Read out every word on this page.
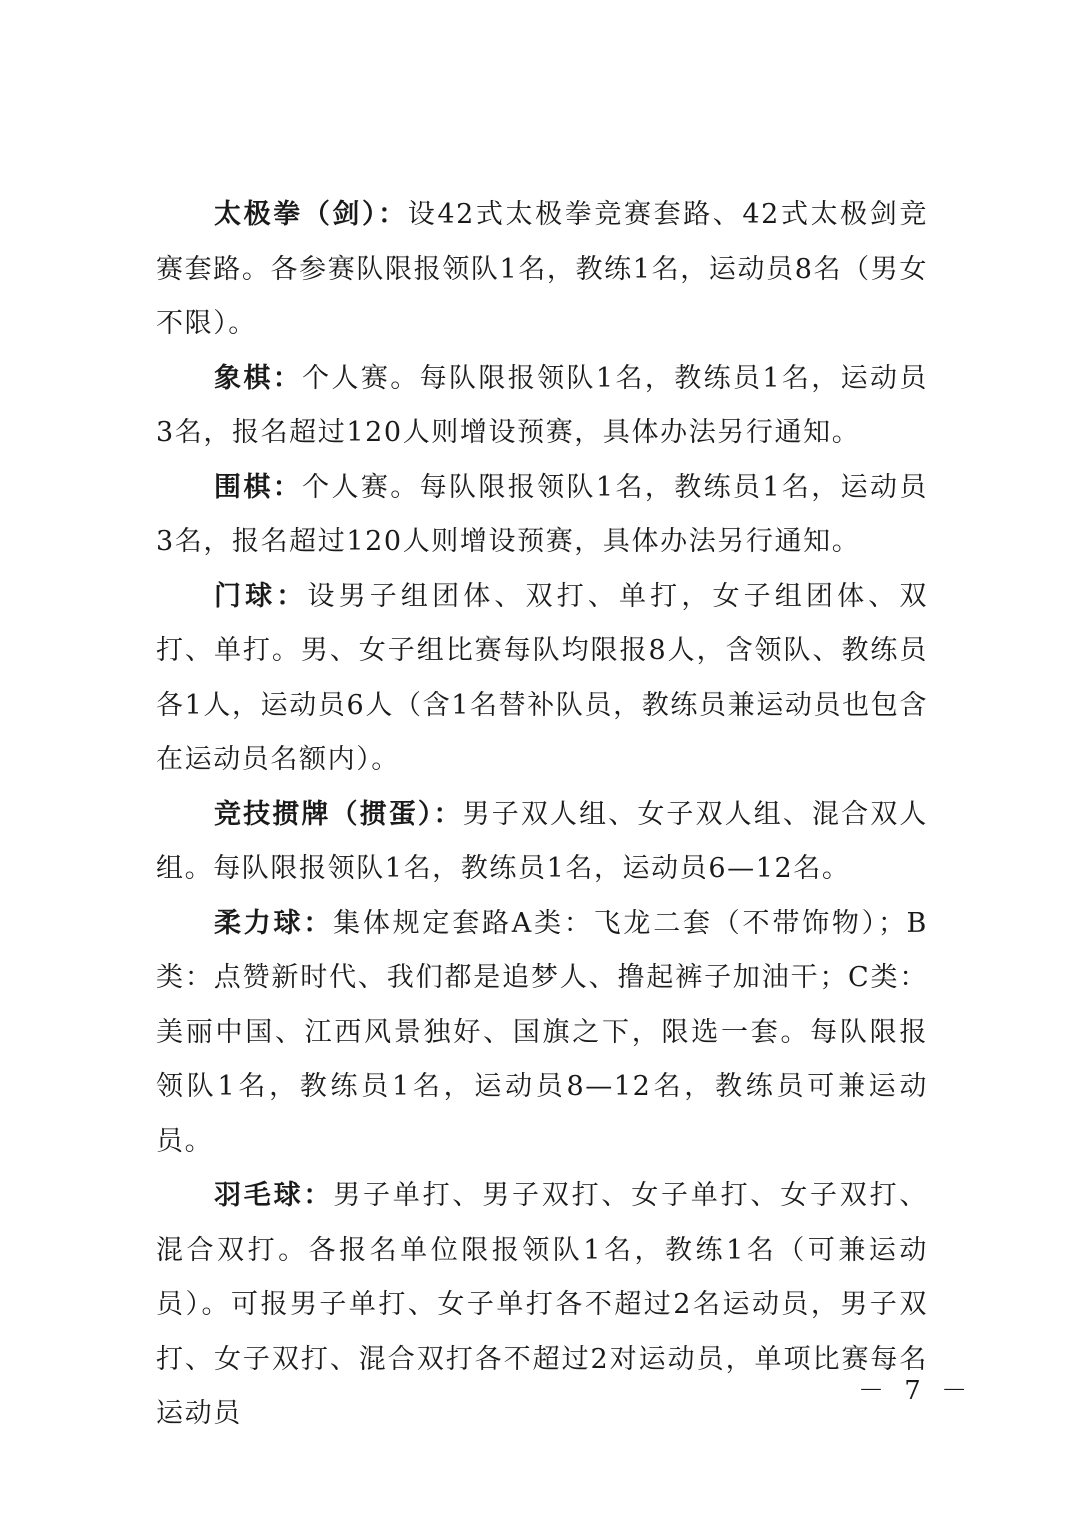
太极拳（剑）：设42式太极拳竞赛套路、42式太极剑竞赛套路。各参赛队限报领队1名，教练1名，运动员8名（男女不限）。

象棋：个人赛。每队限报领队1名，教练员1名，运动员3名，报名超过120人则增设预赛，具体办法另行通知。

围棋：个人赛。每队限报领队1名，教练员1名，运动员3名，报名超过120人则增设预赛，具体办法另行通知。

门球：设男子组团体、双打、单打，女子组团体、双打、单打。男、女子组比赛每队均限报8人，含领队、教练员各1人，运动员6人（含1名替补队员，教练员兼运动员也包含在运动员名额内）。

竞技掼牌（掼蛋）：男子双人组、女子双人组、混合双人组。每队限报领队1名，教练员1名，运动员6—12名。

柔力球：集体规定套路A类：飞龙二套（不带饰物）；B类：点赞新时代、我们都是追梦人、撸起裤子加油干；C类：美丽中国、江西风景独好、国旗之下，限选一套。每队限报领队1名，教练员1名，运动员8—12名，教练员可兼运动员。

羽毛球：男子单打、男子双打、女子单打、女子双打、混合双打。各报名单位限报领队1名，教练1名（可兼运动员）。可报男子单打、女子单打各不超过2名运动员，男子双打、女子双打、混合双打各不超过2对运动员，单项比赛每名运动员

－ 7 －
